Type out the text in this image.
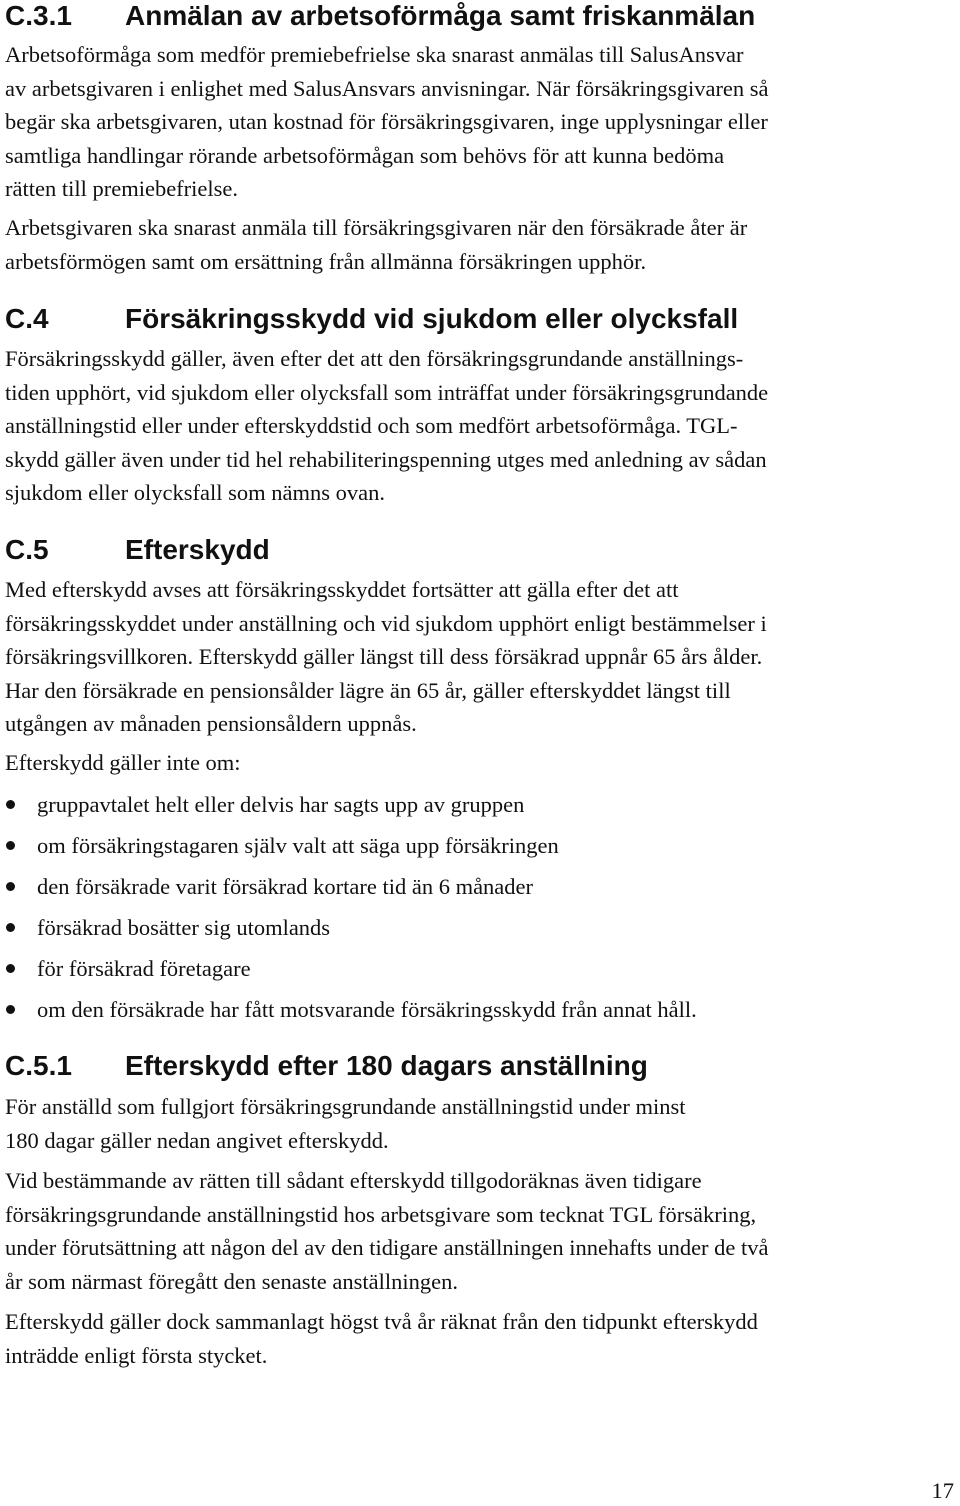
C.3.1 Anmälan av arbetsoförmåga samt friskanmälan
Arbetsoförmåga som medför premiebefrielse ska snarast anmälas till SalusAnsvar
av arbetsgivaren i enlighet med SalusAnsvars anvisningar. När försäkringsgivaren så
begär ska arbetsgivaren, utan kostnad för försäkringsgivaren, inge upplysningar eller
samtliga handlingar rörande arbetsoförmågan som behövs för att kunna bedöma
rätten till premiebefrielse.
Arbetsgivaren ska snarast anmäla till försäkringsgivaren när den försäkrade åter är
arbetsförmögen samt om ersättning från allmänna försäkringen upphör.
C.4	Försäkringsskydd vid sjukdom eller olycksfall
Försäkringsskydd gäller, även efter det att den försäkringsgrundande anställnings-
tiden upphört, vid sjukdom eller olycksfall som inträffat under försäkringsgrundande
anställningstid eller under efterskyddstid och som medfört arbetsoförmåga. TGL-
skydd gäller även under tid hel rehabiliteringspenning utges med anledning av sådan
sjukdom eller olycksfall som nämns ovan.
C.5	Efterskydd
Med efterskydd avses att försäkringsskyddet fortsätter att gälla efter det att
försäkringsskyddet under anställning och vid sjukdom upphört enligt bestämmelser i
försäkringsvillkoren. Efterskydd gäller längst till dess försäkrad uppnår 65 års ålder.
Har den försäkrade en pensionsålder lägre än 65 år, gäller efterskyddet längst till
utgången av månaden pensionsåldern uppnås.
Efterskydd gäller inte om:
gruppavtalet helt eller delvis har sagts upp av gruppen
om försäkringstagaren själv valt att säga upp försäkringen
den försäkrade varit försäkrad kortare tid än 6 månader
försäkrad bosätter sig utomlands
för försäkrad företagare
om den försäkrade har fått motsvarande försäkringsskydd från annat håll.
C.5.1 Efterskydd efter 180 dagars anställning
För anställd som fullgjort försäkringsgrundande anställningstid under minst
180 dagar gäller nedan angivet efterskydd.
Vid bestämmande av rätten till sådant efterskydd tillgodoräknas även tidigare
försäkringsgrundande anställningstid hos arbetsgivare som tecknat TGL försäkring,
under förutsättning att någon del av den tidigare anställningen innehafts under de två
år som närmast föregått den senaste anställningen.
Efterskydd gäller dock sammanlagt högst två år räknat från den tidpunkt efterskydd
inträdde enligt första stycket.
17
